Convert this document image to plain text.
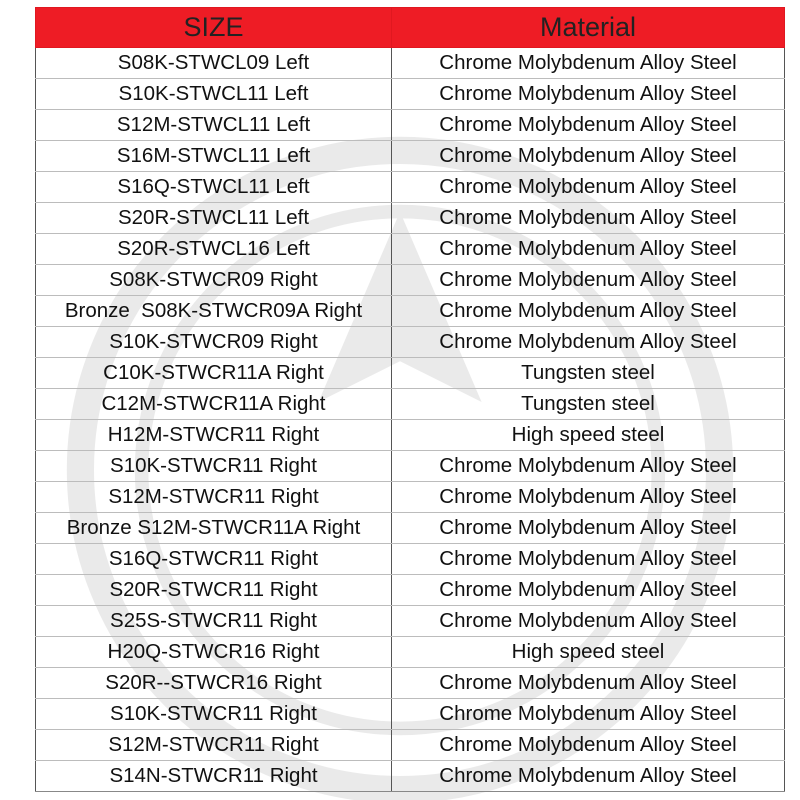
SIZE	Material
S08K-STWCL09 Left	Chrome Molybdenum Alloy Steel
S10K-STWCL11 Left	Chrome Molybdenum Alloy Steel
S12M-STWCL11 Left	Chrome Molybdenum Alloy Steel
S16M-STWCL11 Left	Chrome Molybdenum Alloy Steel
S16Q-STWCL11 Left	Chrome Molybdenum Alloy Steel
S20R-STWCL11 Left	Chrome Molybdenum Alloy Steel
S20R-STWCL16 Left	Chrome Molybdenum Alloy Steel
S08K-STWCR09 Right	Chrome Molybdenum Alloy Steel
Bronze  S08K-STWCR09A Right	Chrome Molybdenum Alloy Steel
S10K-STWCR09 Right	Chrome Molybdenum Alloy Steel
C10K-STWCR11A Right	Tungsten steel
C12M-STWCR11A Right	Tungsten steel
H12M-STWCR11 Right	High speed steel
S10K-STWCR11 Right	Chrome Molybdenum Alloy Steel
S12M-STWCR11 Right	Chrome Molybdenum Alloy Steel
Bronze S12M-STWCR11A Right	Chrome Molybdenum Alloy Steel
S16Q-STWCR11 Right	Chrome Molybdenum Alloy Steel
S20R-STWCR11 Right	Chrome Molybdenum Alloy Steel
S25S-STWCR11 Right	Chrome Molybdenum Alloy Steel
H20Q-STWCR16 Right	High speed steel
S20R--STWCR16 Right	Chrome Molybdenum Alloy Steel
S10K-STWCR11 Right	Chrome Molybdenum Alloy Steel
S12M-STWCR11 Right	Chrome Molybdenum Alloy Steel
S14N-STWCR11 Right	Chrome Molybdenum Alloy Steel
